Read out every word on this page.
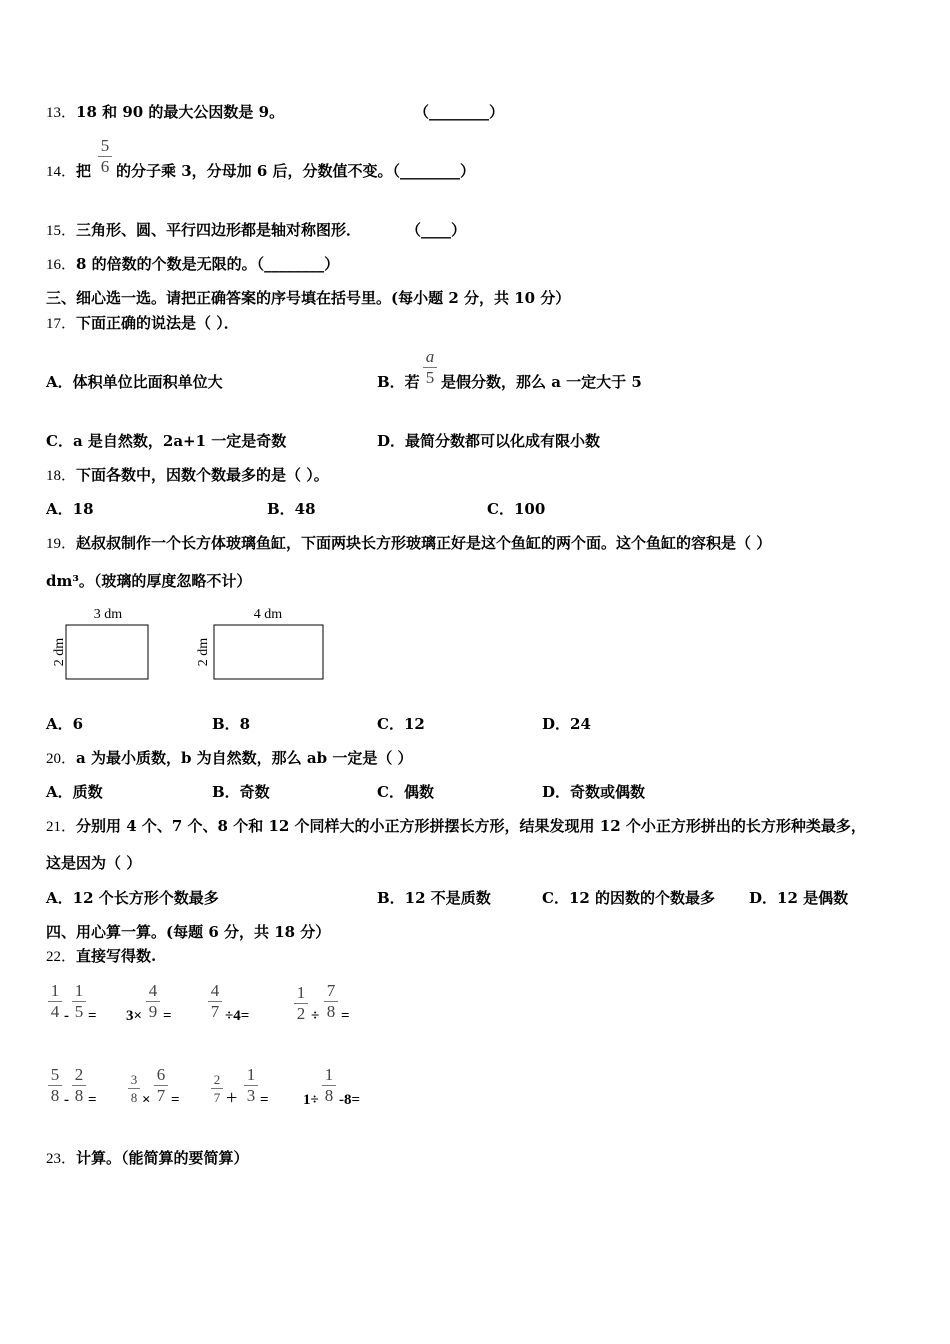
13．18 和 90 的最大公因数是 9。	（________）
14．把
5
6 的分子乘 3，分母加 6 后，分数值不变。（________）
15．三角形、圆、平行四边形都是轴对称图形．	（____）
16．8 的倍数的个数是无限的。（________）
三、细心选一选。请把正确答案的序号填在括号里。(每小题 2 分，共 10 分）
17．下面正确的说法是（ ）．
A．体积单位比面积单位大	B．若
a
5 是假分数，那么 a 一定大于 5
C．a 是自然数，2a+1 一定是奇数	D．最简分数都可以化成有限小数
18．下面各数中，因数个数最多的是（ ）。
A．18	B．48	C．100
19．赵叔叔制作一个长方体玻璃鱼缸，下面两块长方形玻璃正好是这个鱼缸的两个面。这个鱼缸的容积是（ ）
dm³。（玻璃的厚度忽略不计）
3 dm
2 dm
4 dm
2 dm
A．6	B．8	C．12	D．24
20．a 为最小质数，b 为自然数，那么 ab 一定是（ ）
A．质数	B．奇数	C．偶数	D．奇数或偶数
21．分别用 4 个、7 个、8 个和 12 个同样大的小正方形拼摆长方形，结果发现用 12 个小正方形拼出的长方形种类最多，
这是因为（ ）
A．12 个长方形个数最多	B．12 不是质数	C．12 的因数的个数最多 D．12 是偶数
四、用心算一算。(每题 6 分，共 18 分）
22．直接写得数.
1
4 -
1
5 = 3×
4
9 =
4
7 ÷4=
1
2 ÷
7
8 =
5
8 -
2
8 =
3
8 ×
6
7 =
2
7 +
1
3 = 1÷
1
8 -8=
23．计算。（能简算的要简算）
